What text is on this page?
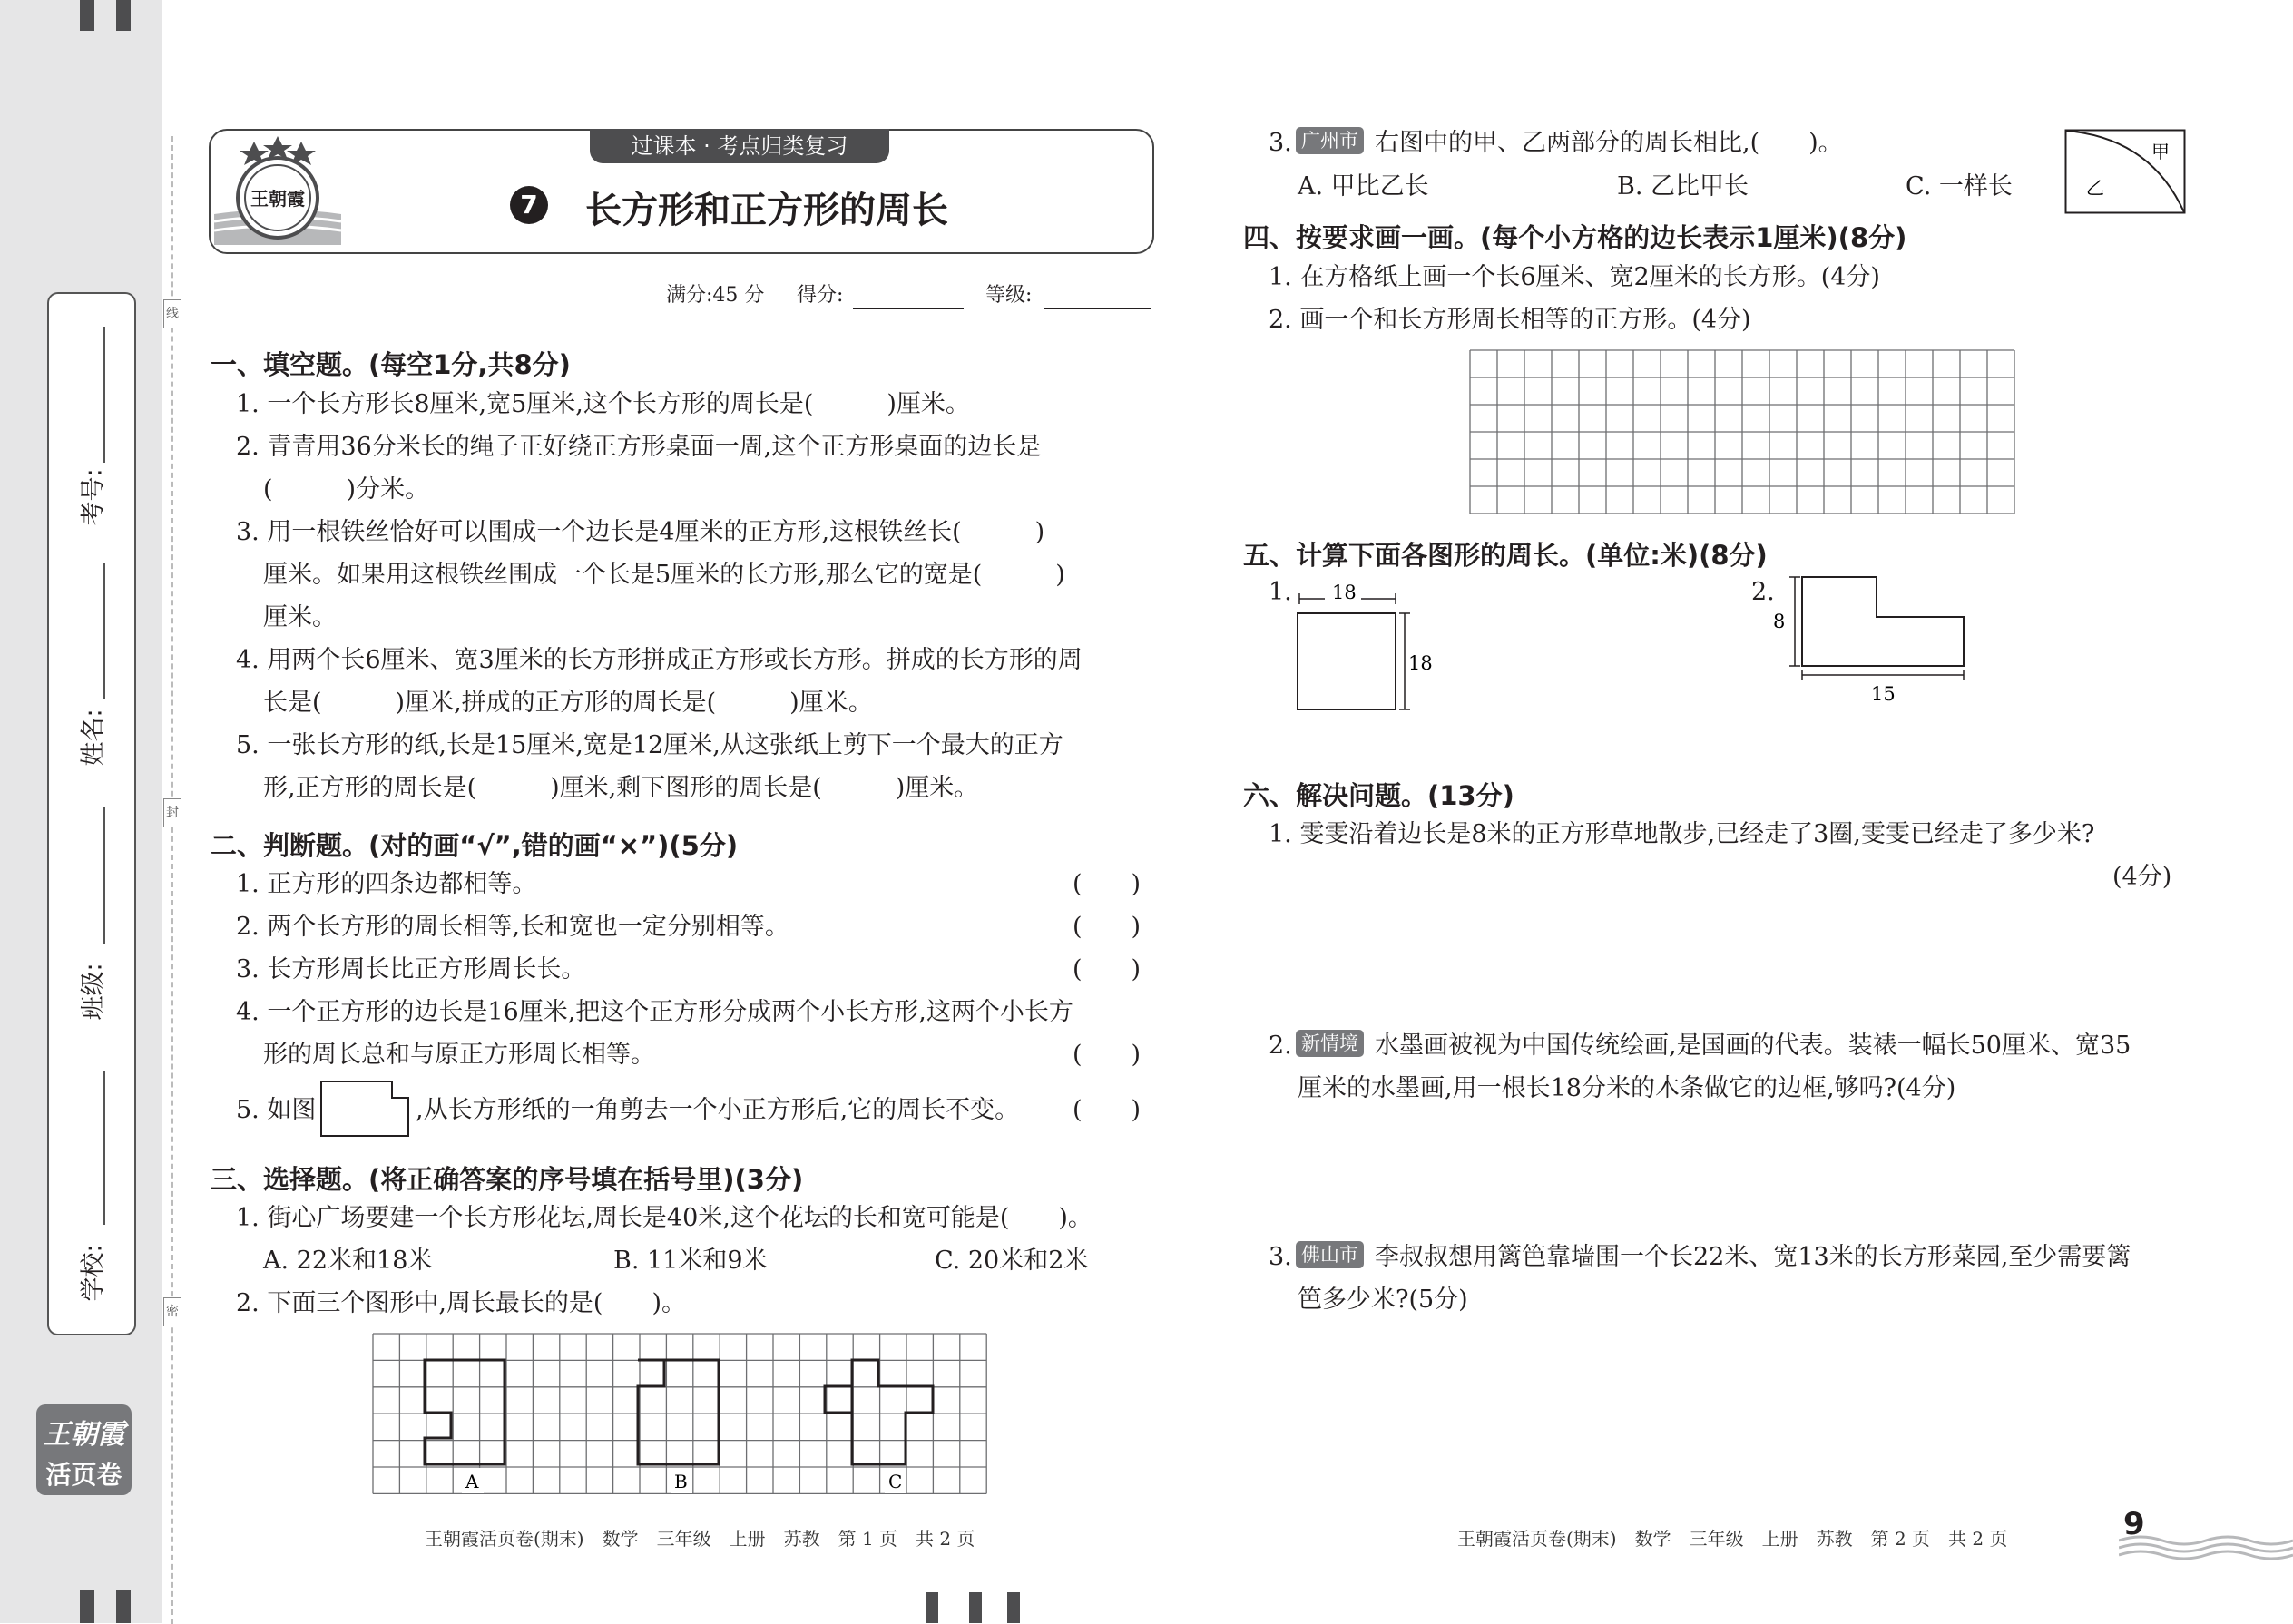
考号:
姓名:
班级:
学校:
线
封
密
王朝霞
活页卷
王朝霞
过课本 · 考点归类复习
7 长方形和正方形的周长
满分:45 分 得分:	等级:
一、填空题。(每空1分,共8分)
1. 一个长方形长8厘米,宽5厘米,这个长方形的周长是(　　　)厘米。
2. 青青用36分米长的绳子正好绕正方形桌面一周,这个正方形桌面的边长是
(　　　)分米。
3. 用一根铁丝恰好可以围成一个边长是4厘米的正方形,这根铁丝长(　　　)
厘米。如果用这根铁丝围成一个长是5厘米的长方形,那么它的宽是(　　　)
厘米。
4. 用两个长6厘米、宽3厘米的长方形拼成正方形或长方形。拼成的长方形的周
长是(　　　)厘米,拼成的正方形的周长是(　　　)厘米。
5. 一张长方形的纸,长是15厘米,宽是12厘米,从这张纸上剪下一个最大的正方
形,正方形的周长是(　　　)厘米,剩下图形的周长是(　　　)厘米。
二、判断题。(对的画“√”,错的画“×”)(5分)
1. 正方形的四条边都相等。	(　　)
2. 两个长方形的周长相等,长和宽也一定分别相等。	(　　)
3. 长方形周长比正方形周长长。	(　　)
4. 一个正方形的边长是16厘米,把这个正方形分成两个小长方形,这两个小长方
形的周长总和与原正方形周长相等。	(　　)
5. 如图	,从长方形纸的一角剪去一个小正方形后,它的周长不变。 (　　)
三、选择题。(将正确答案的序号填在括号里)(3分)
1. 街心广场要建一个长方形花坛,周长是40米,这个花坛的长和宽可能是(　　)。
A. 22米和18米	B. 11米和9米	C. 20米和2米
2. 下面三个图形中,周长最长的是(　　)。
A	B	C
王朝霞活页卷(期末)　数学　三年级　上册　苏教　第 1 页　共 2 页
3. 广州市 右图中的甲、乙两部分的周长相比,(　　)。
A. 甲比乙长	B. 乙比甲长	C. 一样长
甲
乙
四、按要求画一画。(每个小方格的边长表示1厘米)(8分)
1. 在方格纸上画一个长6厘米、宽2厘米的长方形。(4分)
2. 画一个和长方形周长相等的正方形。(4分)
五、计算下面各图形的周长。(单位:米)(8分)
1. 18
18
2.
8
15
六、解决问题。(13分)
1. 雯雯沿着边长是8米的正方形草地散步,已经走了3圈,雯雯已经走了多少米?
(4分)
2. 新情境 水墨画被视为中国传统绘画,是国画的代表。装裱一幅长50厘米、宽35
厘米的水墨画,用一根长18分米的木条做它的边框,够吗?(4分)
3. 佛山市 李叔叔想用篱笆靠墙围一个长22米、宽13米的长方形菜园,至少需要篱
笆多少米?(5分)
王朝霞活页卷(期末)　数学　三年级　上册　苏教　第 2 页　共 2 页	9
